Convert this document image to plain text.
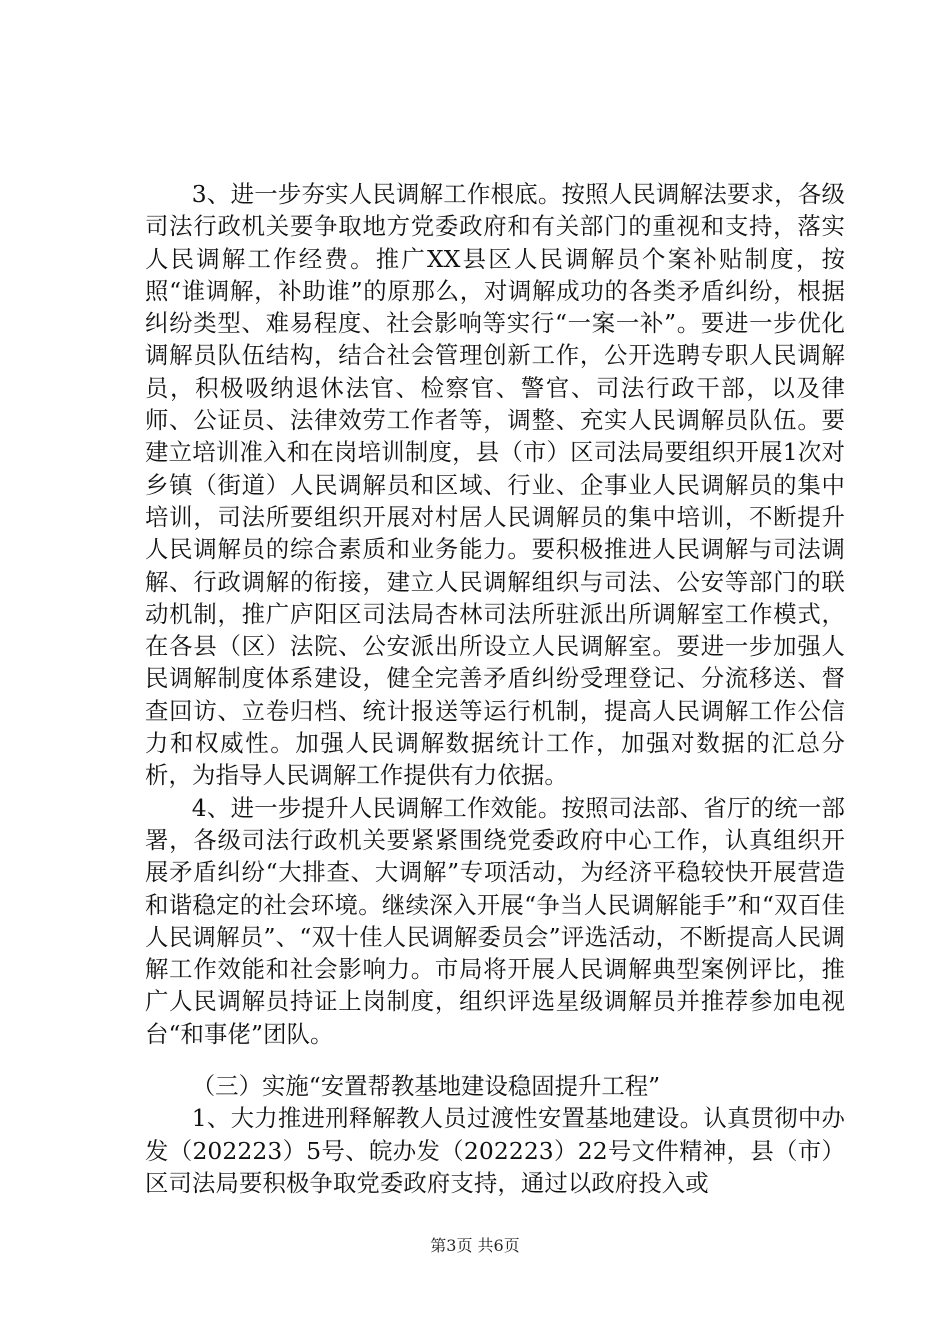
3、进一步夯实人民调解工作根底。按照人民调解法要求，各级司法行政机关要争取地方党委政府和有关部门的重视和支持，落实人民调解工作经费。推广XX县区人民调解员个案补贴制度，按照“谁调解，补助谁”的原那么，对调解成功的各类矛盾纠纷，根据纠纷类型、难易程度、社会影响等实行“一案一补”。要进一步优化调解员队伍结构，结合社会管理创新工作，公开选聘专职人民调解员，积极吸纳退休法官、检察官、警官、司法行政干部，以及律师、公证员、法律效劳工作者等，调整、充实人民调解员队伍。要建立培训准入和在岗培训制度，县（市）区司法局要组织开展1次对乡镇（街道）人民调解员和区域、行业、企事业人民调解员的集中培训，司法所要组织开展对村居人民调解员的集中培训，不断提升人民调解员的综合素质和业务能力。要积极推进人民调解与司法调解、行政调解的衔接，建立人民调解组织与司法、公安等部门的联动机制，推广庐阳区司法局杏林司法所驻派出所调解室工作模式，在各县（区）法院、公安派出所设立人民调解室。要进一步加强人民调解制度体系建设，健全完善矛盾纠纷受理登记、分流移送、督查回访、立卷归档、统计报送等运行机制，提高人民调解工作公信力和权威性。加强人民调解数据统计工作，加强对数据的汇总分析，为指导人民调解工作提供有力依据。

4、进一步提升人民调解工作效能。按照司法部、省厅的统一部署，各级司法行政机关要紧紧围绕党委政府中心工作，认真组织开展矛盾纠纷“大排查、大调解”专项活动，为经济平稳较快开展营造和谐稳定的社会环境。继续深入开展“争当人民调解能手”和“双百佳人民调解员”、“双十佳人民调解委员会”评选活动，不断提高人民调解工作效能和社会影响力。市局将开展人民调解典型案例评比，推广人民调解员持证上岗制度，组织评选星级调解员并推荐参加电视台“和事佬”团队。

（三）实施“安置帮教基地建设稳固提升工程”

1、大力推进刑释解教人员过渡性安置基地建设。认真贯彻中办发（202223）5号、皖办发（202223）22号文件精神，县（市）区司法局要积极争取党委政府支持，通过以政府投入或

第3页 共6页
